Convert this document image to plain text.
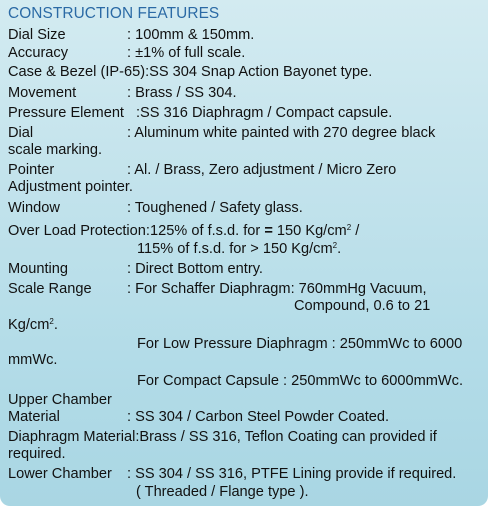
CONSTRUCTION FEATURES
Dial Size	: 100mm & 150mm.
Accuracy	: ±1% of full scale.
Case & Bezel (IP-65):SS 304 Snap Action Bayonet type.
Movement	: Brass / SS 304.
Pressure Element :SS 316 Diaphragm / Compact capsule.
Dial	: Aluminum white painted with 270 degree black
scale marking.
Pointer	: Al. / Brass, Zero adjustment / Micro Zero
Adjustment pointer.
Window	: Toughened / Safety glass.
Over Load Protection:125% of f.s.d. for = 150 $Kg/cm^2$ /
115% of f.s.d. for > 150 $Kg/cm^2$.
Mounting	: Direct Bottom entry.
Scale Range : For Schaffer Diaphragm: 760mmHg Vacuum,
Compound, 0.6 to 21
$Kg/cm^2$.
For Low Pressure Diaphragm : 250mmWc to 6000
mmWc.
For Compact Capsule : 250mmWc to 6000mmWc.
Upper Chamber
Material	: SS 304 / Carbon Steel Powder Coated.
Diaphragm Material:Brass / SS 316, Teflon Coating can provided if
required.
Lower Chamber : SS 304 / SS 316, PTFE Lining provide if required.
( Threaded / Flange type ).
